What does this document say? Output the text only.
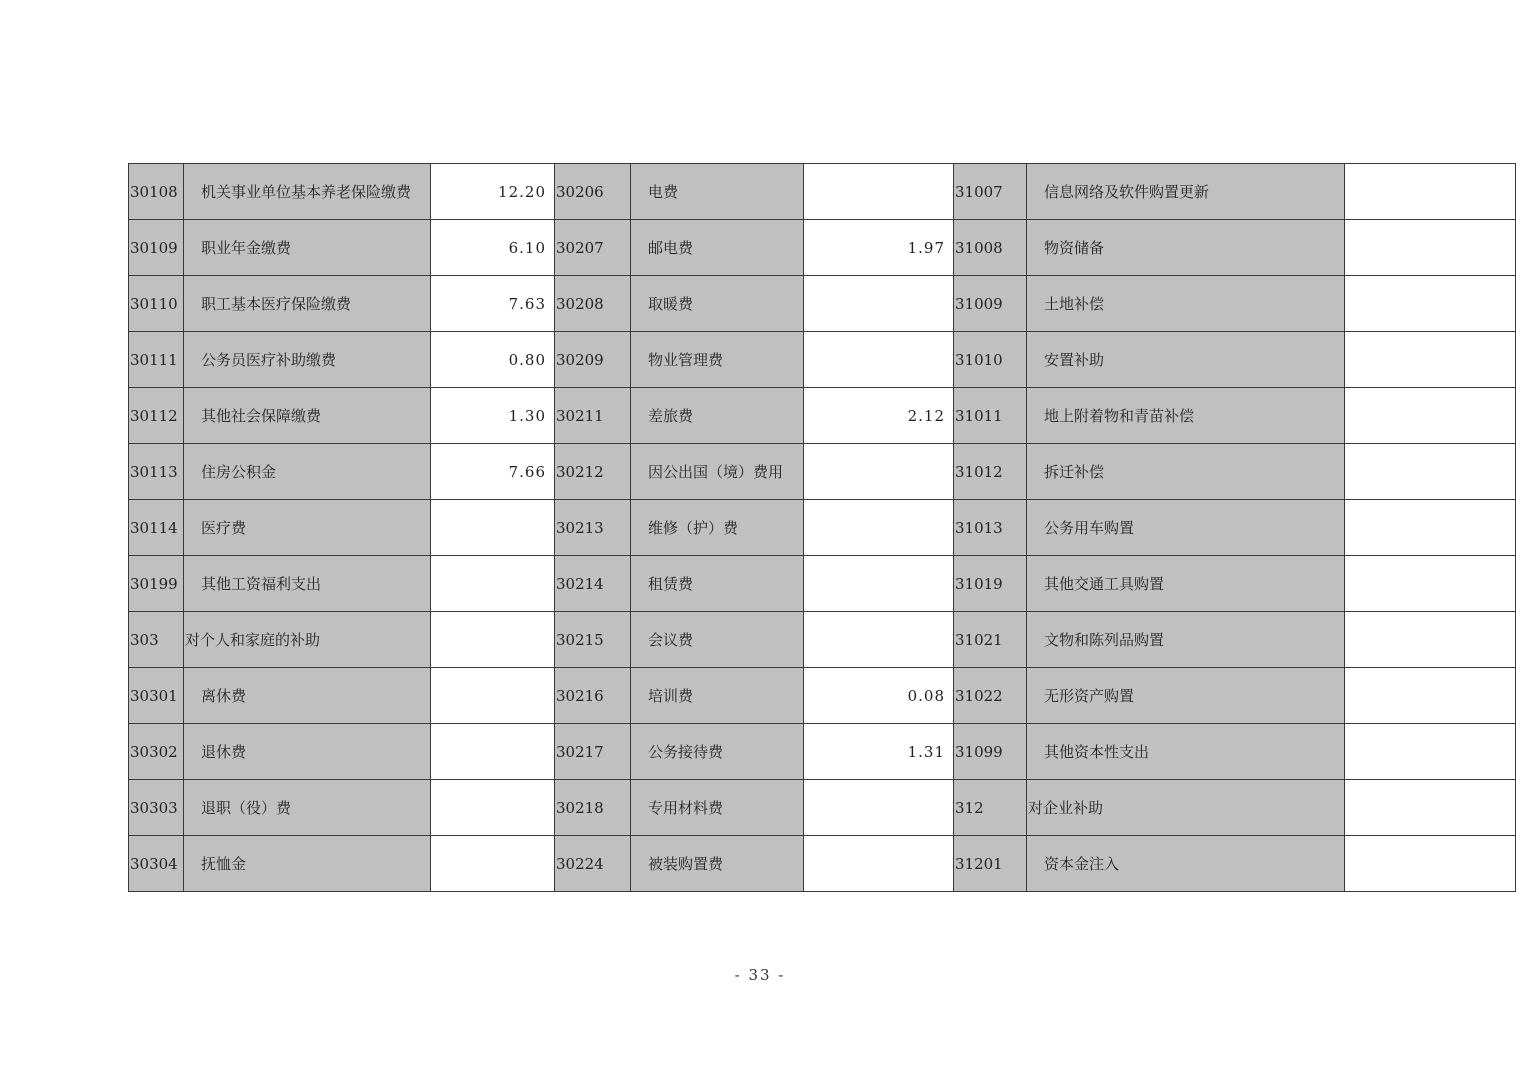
30108	机关事业单位基本养老保险缴费	12.20	30206	电费		31007	信息网络及软件购置更新	
30109	职业年金缴费	6.10	30207	邮电费	1.97	31008	物资储备	
30110	职工基本医疗保险缴费	7.63	30208	取暖费		31009	土地补偿	
30111	公务员医疗补助缴费	0.80	30209	物业管理费		31010	安置补助	
30112	其他社会保障缴费	1.30	30211	差旅费	2.12	31011	地上附着物和青苗补偿	
30113	住房公积金	7.66	30212	因公出国（境）费用		31012	拆迁补偿	
30114	医疗费		30213	维修（护）费		31013	公务用车购置	
30199	其他工资福利支出		30214	租赁费		31019	其他交通工具购置	
303	对个人和家庭的补助		30215	会议费		31021	文物和陈列品购置	
30301	离休费		30216	培训费	0.08	31022	无形资产购置	
30302	退休费		30217	公务接待费	1.31	31099	其他资本性支出	
30303	退职（役）费		30218	专用材料费		312	对企业补助	
30304	抚恤金		30224	被装购置费		31201	资本金注入	
- 33 -
